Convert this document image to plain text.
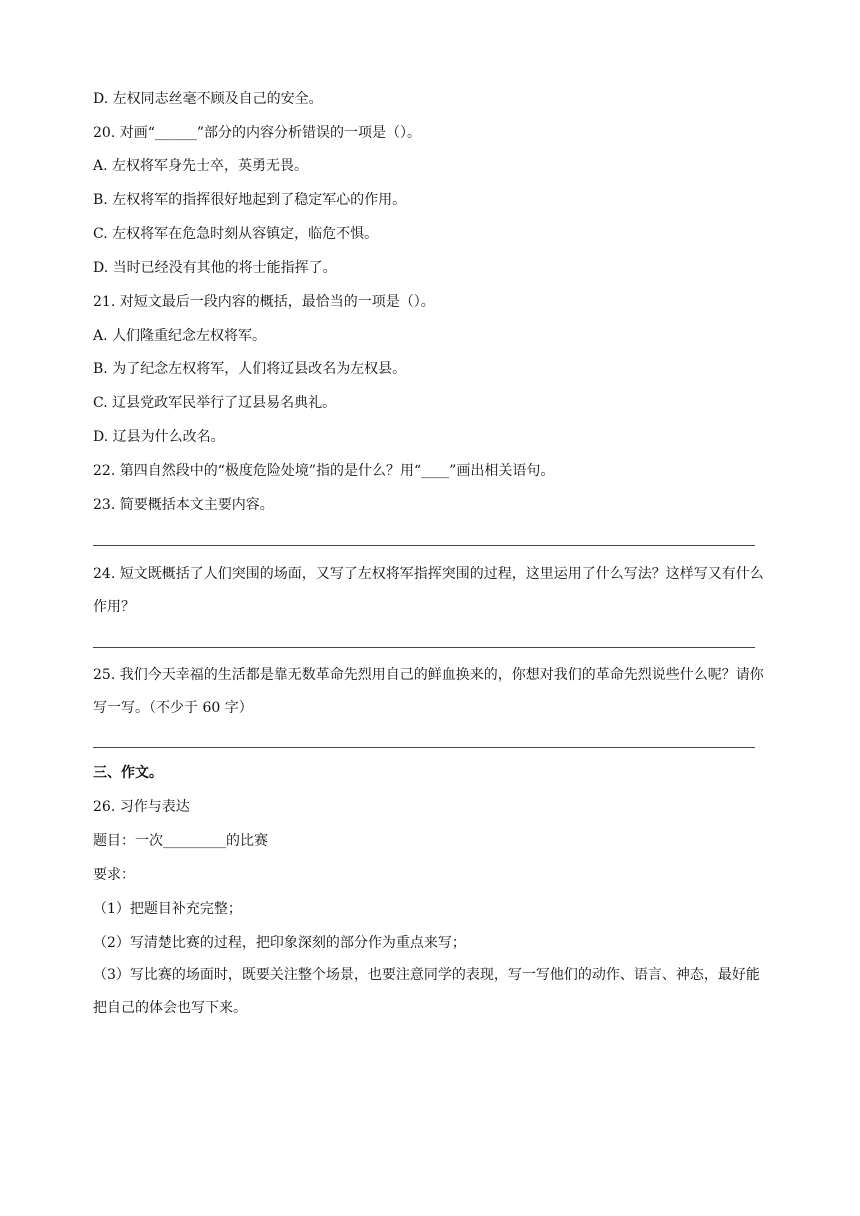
D. 左权同志丝毫不顾及自己的安全。
20. 对画“______”部分的内容分析错误的一项是（）。
A. 左权将军身先士卒，英勇无畏。
B. 左权将军的指挥很好地起到了稳定军心的作用。
C. 左权将军在危急时刻从容镇定，临危不惧。
D. 当时已经没有其他的将士能指挥了。
21. 对短文最后一段内容的概括，最恰当的一项是（）。
A. 人们隆重纪念左权将军。
B. 为了纪念左权将军，人们将辽县改名为左权县。
C. 辽县党政军民举行了辽县易名典礼。
D. 辽县为什么改名。
22. 第四自然段中的“极度危险处境”指的是什么？用“____”画出相关语句。
23. 简要概括本文主要内容。
24. 短文既概括了人们突围的场面，又写了左权将军指挥突围的过程，这里运用了什么写法？这样写又有什么作用？
25. 我们今天幸福的生活都是靠无数革命先烈用自己的鲜血换来的，你想对我们的革命先烈说些什么呢？请你写一写。（不少于 60 字）
三、作文。
26. 习作与表达
题目：一次_________的比赛
要求：
（1）把题目补充完整；
（2）写清楚比赛的过程，把印象深刻的部分作为重点来写；
（3）写比赛的场面时，既要关注整个场景，也要注意同学的表现，写一写他们的动作、语言、神态，最好能把自己的体会也写下来。
